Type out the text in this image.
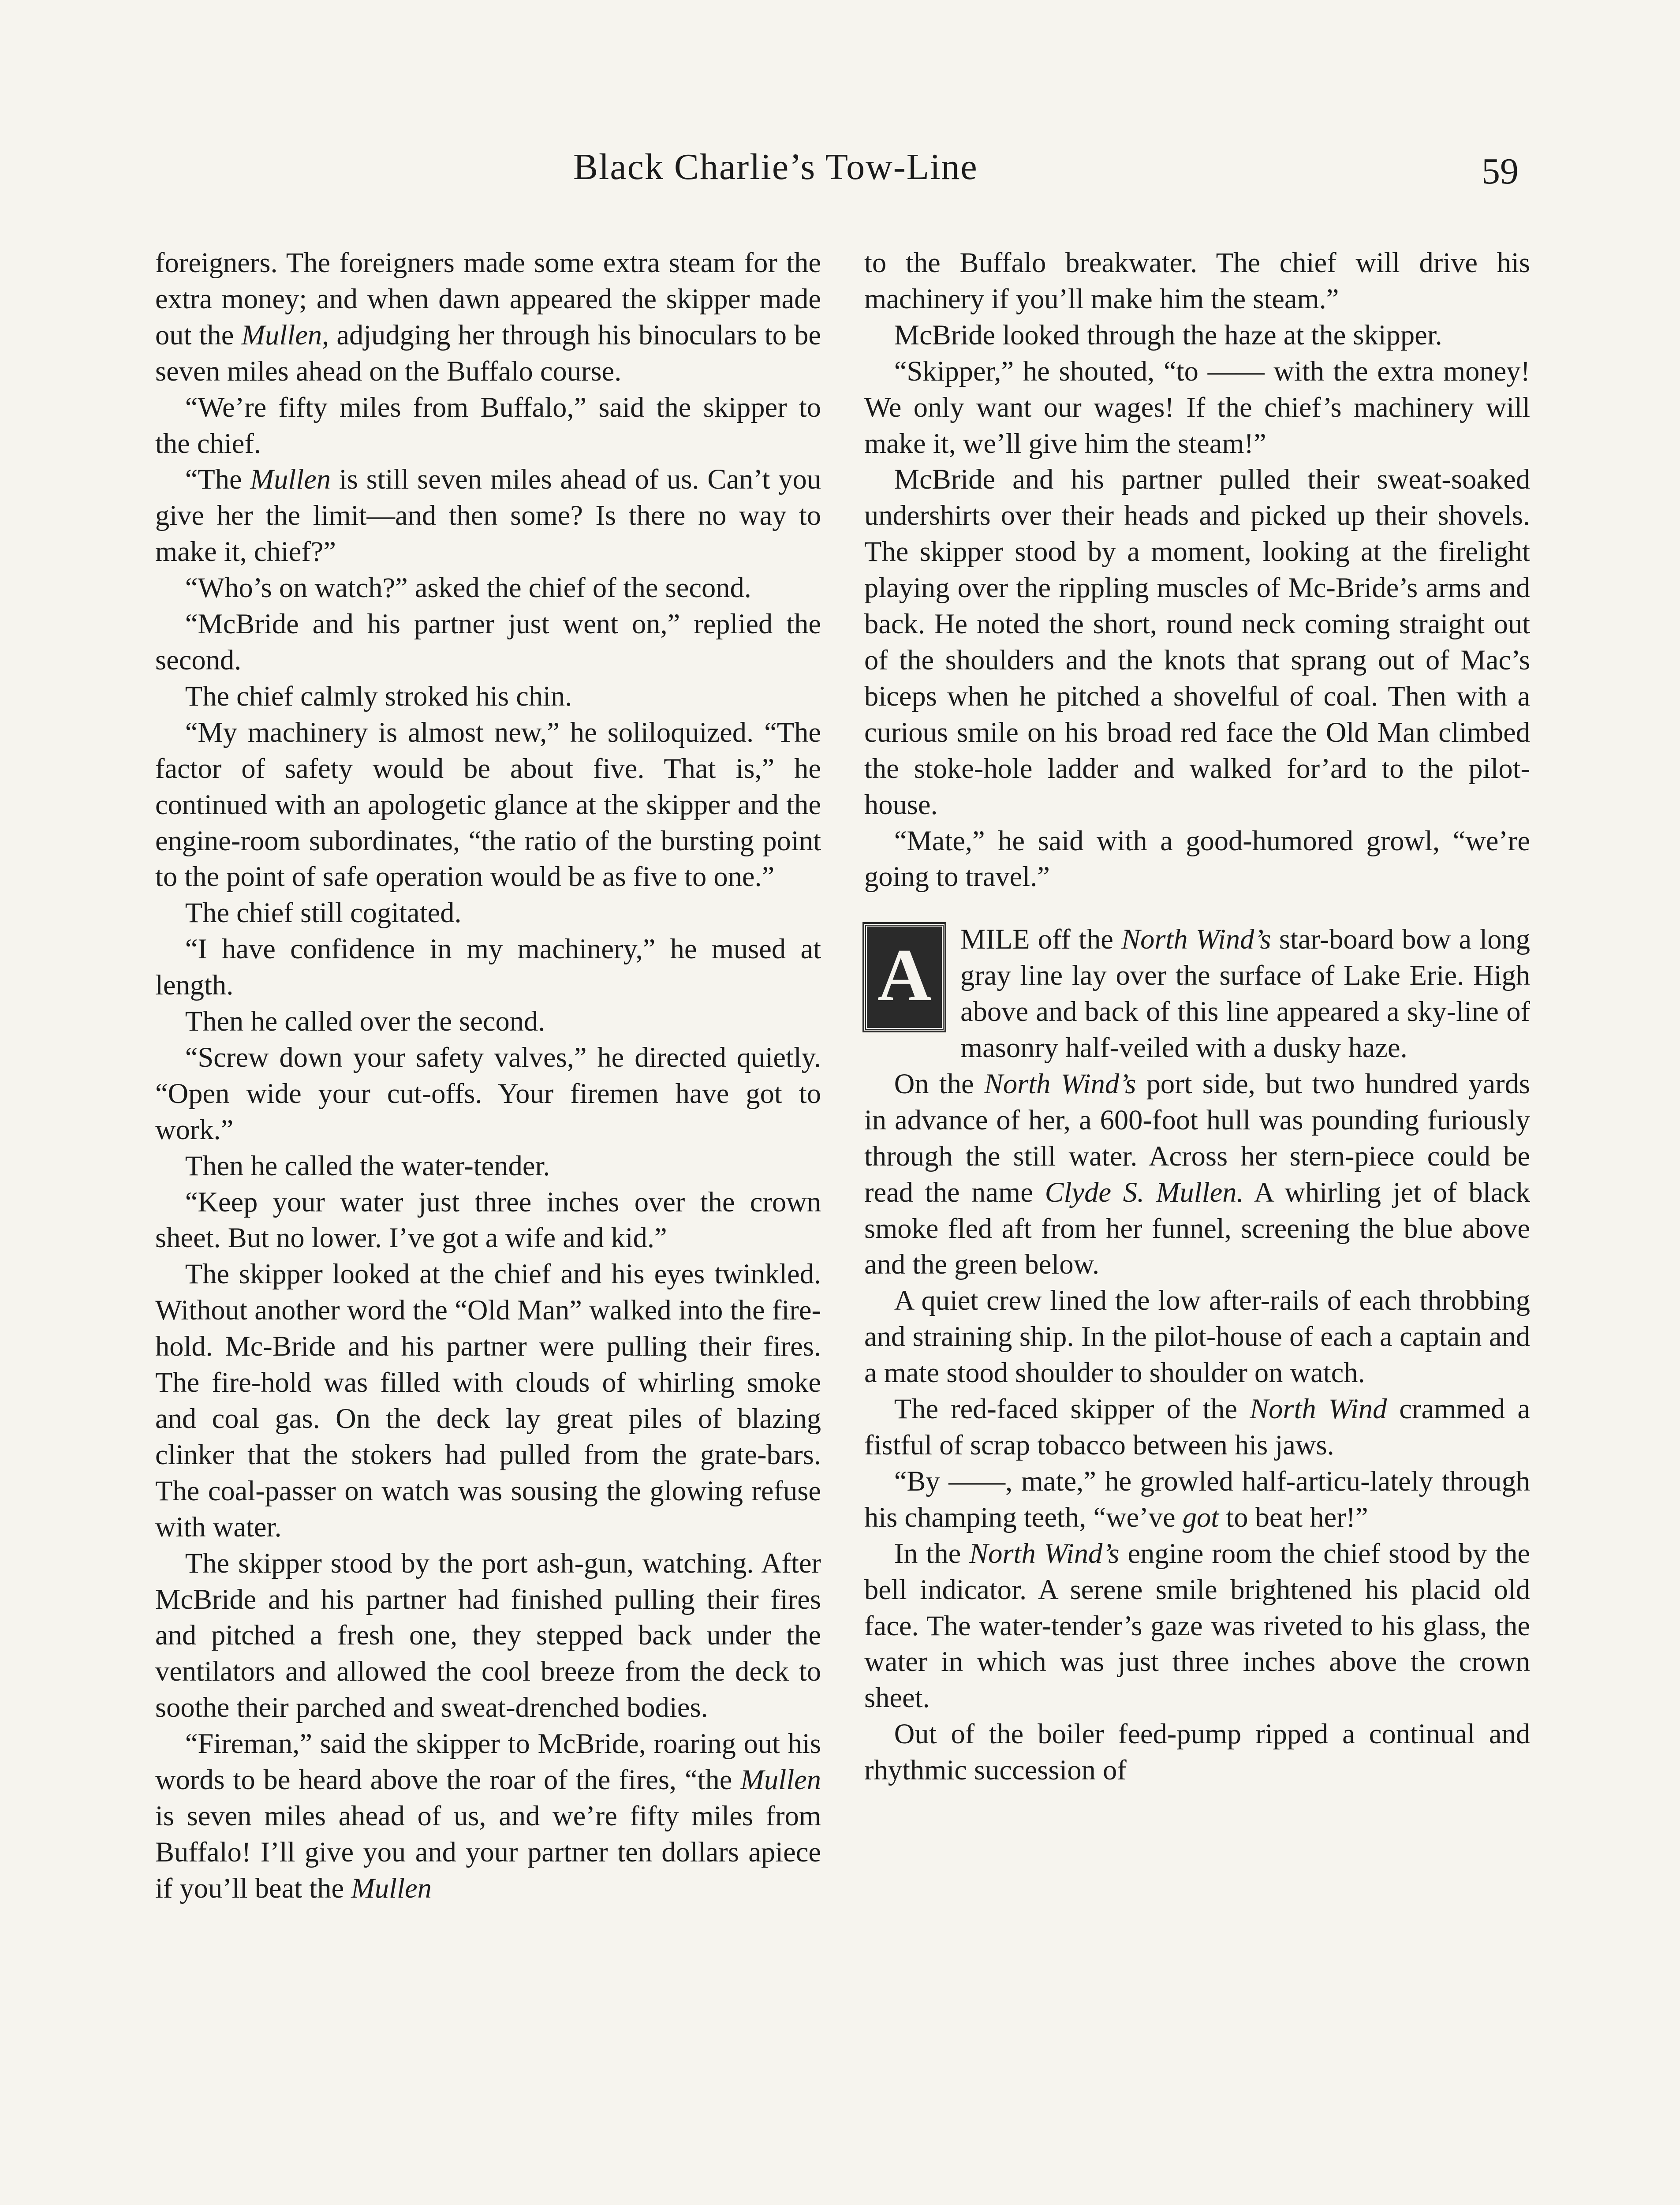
Black Charlie’s Tow-Line	59

foreigners. The foreigners made some extra steam for the extra money; and when dawn appeared the skipper made out the Mullen, adjudging her through his binoculars to be seven miles ahead on the Buffalo course.

“We’re fifty miles from Buffalo,” said the skipper to the chief.

“The Mullen is still seven miles ahead of us. Can’t you give her the limit—and then some? Is there no way to make it, chief?”

“Who’s on watch?” asked the chief of the second.

“McBride and his partner just went on,” replied the second.

The chief calmly stroked his chin.

“My machinery is almost new,” he soliloquized. “The factor of safety would be about five. That is,” he continued with an apologetic glance at the skipper and the engine-room subordinates, “the ratio of the bursting point to the point of safe operation would be as five to one.”

The chief still cogitated.

“I have confidence in my machinery,” he mused at length.

Then he called over the second.

“Screw down your safety valves,” he directed quietly. “Open wide your cut-offs. Your firemen have got to work.”

Then he called the water-tender.

“Keep your water just three inches over the crown sheet. But no lower. I’ve got a wife and kid.”

The skipper looked at the chief and his eyes twinkled. Without another word the “Old Man” walked into the fire-hold. Mc-Bride and his partner were pulling their fires. The fire-hold was filled with clouds of whirling smoke and coal gas. On the deck lay great piles of blazing clinker that the stokers had pulled from the grate-bars. The coal-passer on watch was sousing the glowing refuse with water.

The skipper stood by the port ash-gun, watching. After McBride and his partner had finished pulling their fires and pitched a fresh one, they stepped back under the ventilators and allowed the cool breeze from the deck to soothe their parched and sweat-drenched bodies.

“Fireman,” said the skipper to McBride, roaring out his words to be heard above the roar of the fires, “the Mullen is seven miles ahead of us, and we’re fifty miles from Buffalo! I’ll give you and your partner ten dollars apiece if you’ll beat the Mullen

to the Buffalo breakwater. The chief will drive his machinery if you’ll make him the steam.”

McBride looked through the haze at the skipper.

“Skipper,” he shouted, “to —— with the extra money! We only want our wages! If the chief’s machinery will make it, we’ll give him the steam!”

McBride and his partner pulled their sweat-soaked undershirts over their heads and picked up their shovels. The skipper stood by a moment, looking at the firelight playing over the rippling muscles of Mc-Bride’s arms and back. He noted the short, round neck coming straight out of the shoulders and the knots that sprang out of Mac’s biceps when he pitched a shovelful of coal. Then with a curious smile on his broad red face the Old Man climbed the stoke-hole ladder and walked for’ard to the pilot-house.

“Mate,” he said with a good-humored growl, “we’re going to travel.”

A	MILE off the North Wind’s star-board bow a long gray line lay over the surface of Lake Erie. High above and back of this line appeared a sky-line of masonry half-veiled with a dusky haze.

On the North Wind’s port side, but two hundred yards in advance of her, a 600-foot hull was pounding furiously through the still water. Across her stern-piece could be read the name Clyde S. Mullen. A whirling jet of black smoke fled aft from her funnel, screening the blue above and the green below.

A quiet crew lined the low after-rails of each throbbing and straining ship. In the pilot-house of each a captain and a mate stood shoulder to shoulder on watch.

The red-faced skipper of the North Wind crammed a fistful of scrap tobacco between his jaws.

“By ——, mate,” he growled half-articu-lately through his champing teeth, “we’ve got to beat her!”

In the North Wind’s engine room the chief stood by the bell indicator. A serene smile brightened his placid old face. The water-tender’s gaze was riveted to his glass, the water in which was just three inches above the crown sheet.

Out of the boiler feed-pump ripped a continual and rhythmic succession of
